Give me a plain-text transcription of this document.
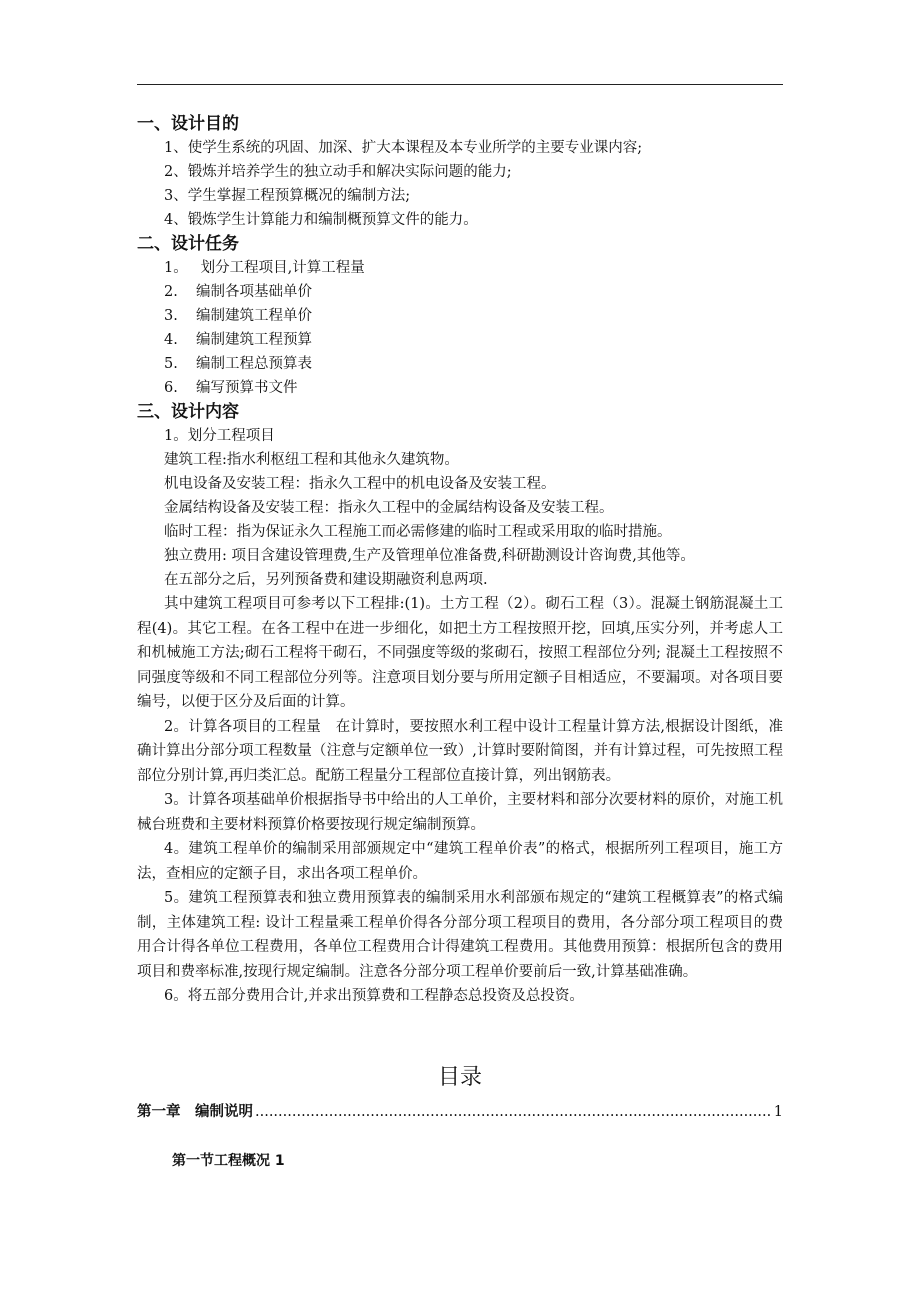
一、设计目的

1、使学生系统的巩固、加深、扩大本课程及本专业所学的主要专业课内容;

2、锻炼并培养学生的独立动手和解决实际问题的能力;

3、学生掌握工程预算概况的编制方法;

4、锻炼学生计算能力和编制概预算文件的能力。

二、设计任务

1。 划分工程项目,计算工程量

2. 编制各项基础单价

3. 编制建筑工程单价

4. 编制建筑工程预算

5. 编制工程总预算表

6. 编写预算书文件

三、设计内容

1。划分工程项目

建筑工程:指水利枢纽工程和其他永久建筑物。

机电设备及安装工程：指永久工程中的机电设备及安装工程。

金属结构设备及安装工程：指永久工程中的金属结构设备及安装工程。

临时工程：指为保证永久工程施工而必需修建的临时工程或采用取的临时措施。

独立费用: 项目含建设管理费,生产及管理单位准备费,科研勘测设计咨询费,其他等。

在五部分之后，另列预备费和建设期融资利息两项.

其中建筑工程项目可参考以下工程排:(1)。土方工程（2）。砌石工程（3）。混凝土钢筋混凝土工程(4)。其它工程。在各工程中在进一步细化，如把土方工程按照开挖，回填,压实分列，并考虑人工和机械施工方法;砌石工程将干砌石，不同强度等级的浆砌石，按照工程部位分列; 混凝土工程按照不同强度等级和不同工程部位分列等。注意项目划分要与所用定额子目相适应，不要漏项。对各项目要编号，以便于区分及后面的计算。

2。计算各项目的工程量　在计算时，要按照水利工程中设计工程量计算方法,根据设计图纸，准确计算出分部分项工程数量（注意与定额单位一致）,计算时要附简图，并有计算过程，可先按照工程部位分别计算,再归类汇总。配筋工程量分工程部位直接计算，列出钢筋表。

3。计算各项基础单价根据指导书中给出的人工单价，主要材料和部分次要材料的原价，对施工机械台班费和主要材料预算价格要按现行规定编制预算。

4。建筑工程单价的编制采用部颁规定中“建筑工程单价表”的格式，根据所列工程项目，施工方法，查相应的定额子目，求出各项工程单价。

5。建筑工程预算表和独立费用预算表的编制采用水利部颁布规定的“建筑工程概算表”的格式编制，主体建筑工程: 设计工程量乘工程单价得各分部分项工程项目的费用，各分部分项工程项目的费用合计得各单位工程费用，各单位工程费用合计得建筑工程费用。其他费用预算：根据所包含的费用项目和费率标准,按现行规定编制。注意各分部分项工程单价要前后一致,计算基础准确。

6。将五部分费用合计,并求出预算费和工程静态总投资及总投资。

目录

第一章　编制说明
.....	1

第一节工程概况 1
